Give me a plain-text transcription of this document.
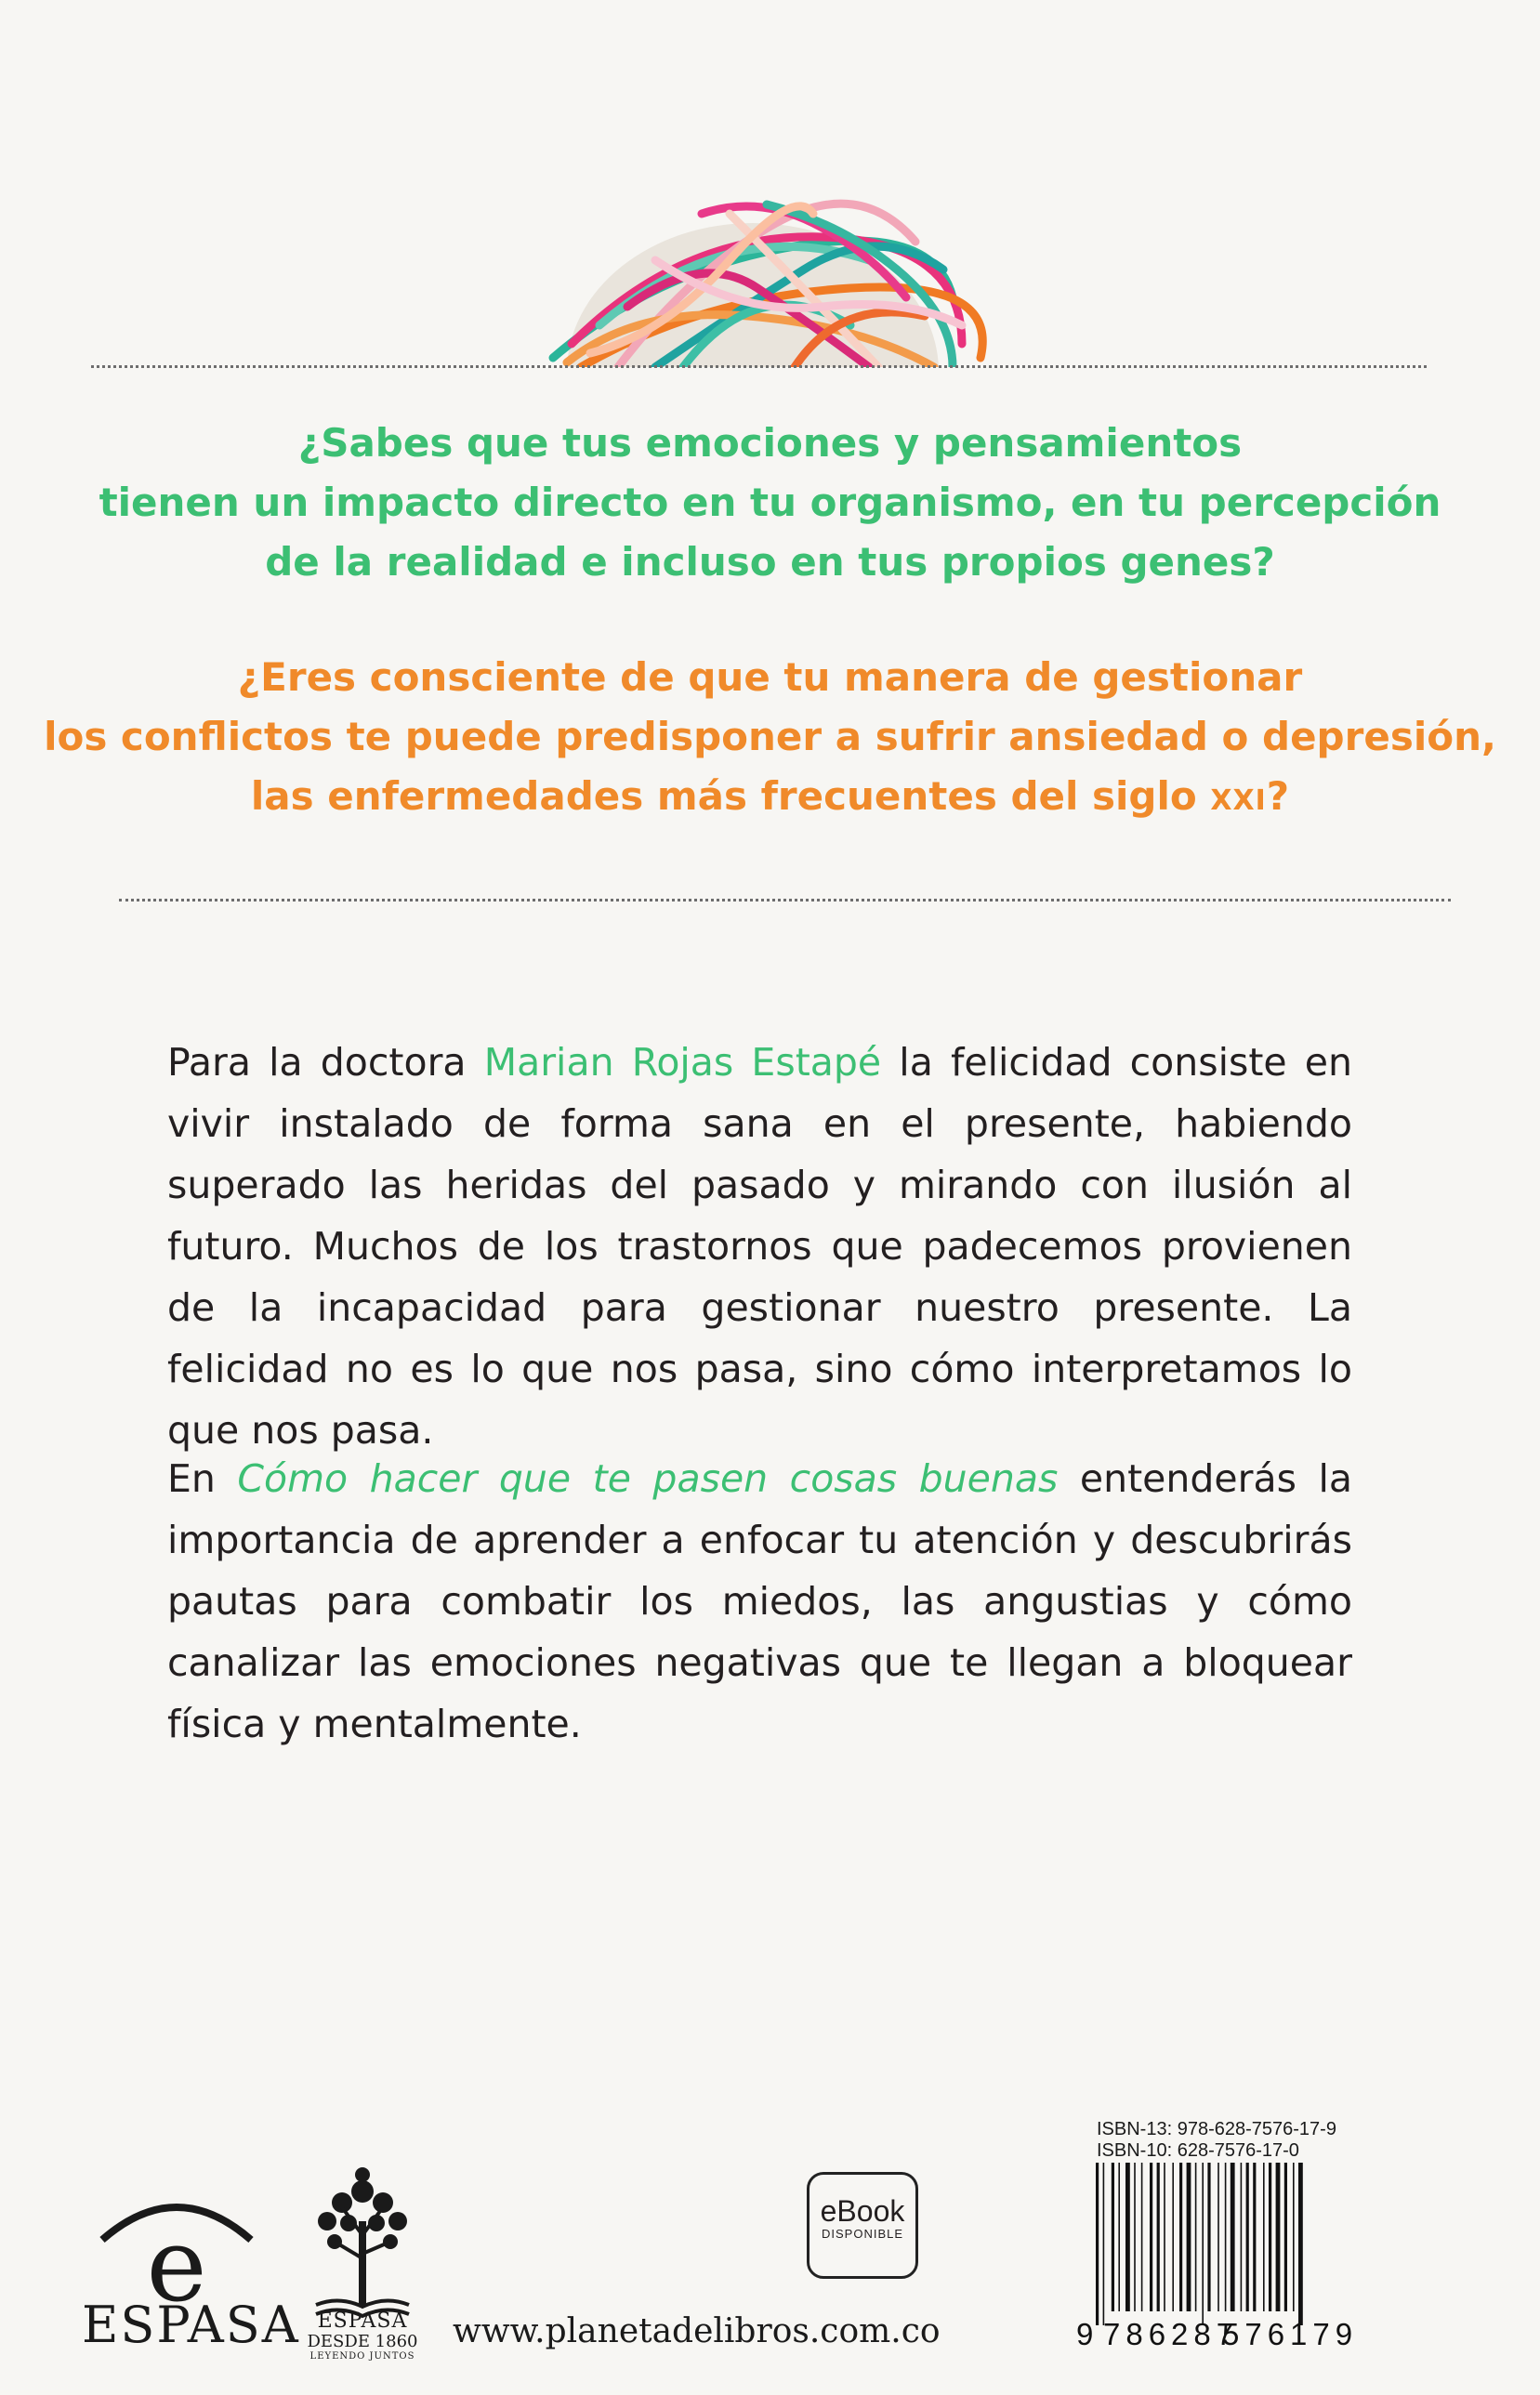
¿Sabes que tus emociones y pensamientos
tienen un impacto directo en tu organismo, en tu percepción
de la realidad e incluso en tus propios genes?

¿Eres consciente de que tu manera de gestionar
los conflictos te puede predisponer a sufrir ansiedad o depresión,
las enfermedades más frecuentes del siglo XXI?

Para la doctora Marian Rojas Estapé la felicidad consiste en vivir instalado de forma sana en el presente, habiendo superado las heridas del pasado y mirando con ilusión al futuro. Muchos de los trastornos que padecemos provienen de la incapacidad para gestionar nuestro presente. La felicidad no es lo que nos pasa, sino cómo interpretamos lo que nos pasa.

En Cómo hacer que te pasen cosas buenas entenderás la importancia de aprender a enfocar tu atención y descubrirás pautas para combatir los miedos, las angustias y cómo canalizar las emociones negativas que te llegan a bloquear física y mentalmente.

e
ESPASA ESPASA
DESDE 1860
LEYENDO JUNTOS
www.planetadelibros.com.co
eBook
DISPONIBLE
ISBN-13: 978-628-7576-17-9
ISBN-10: 628-7576-17-0
9 786287
576179
